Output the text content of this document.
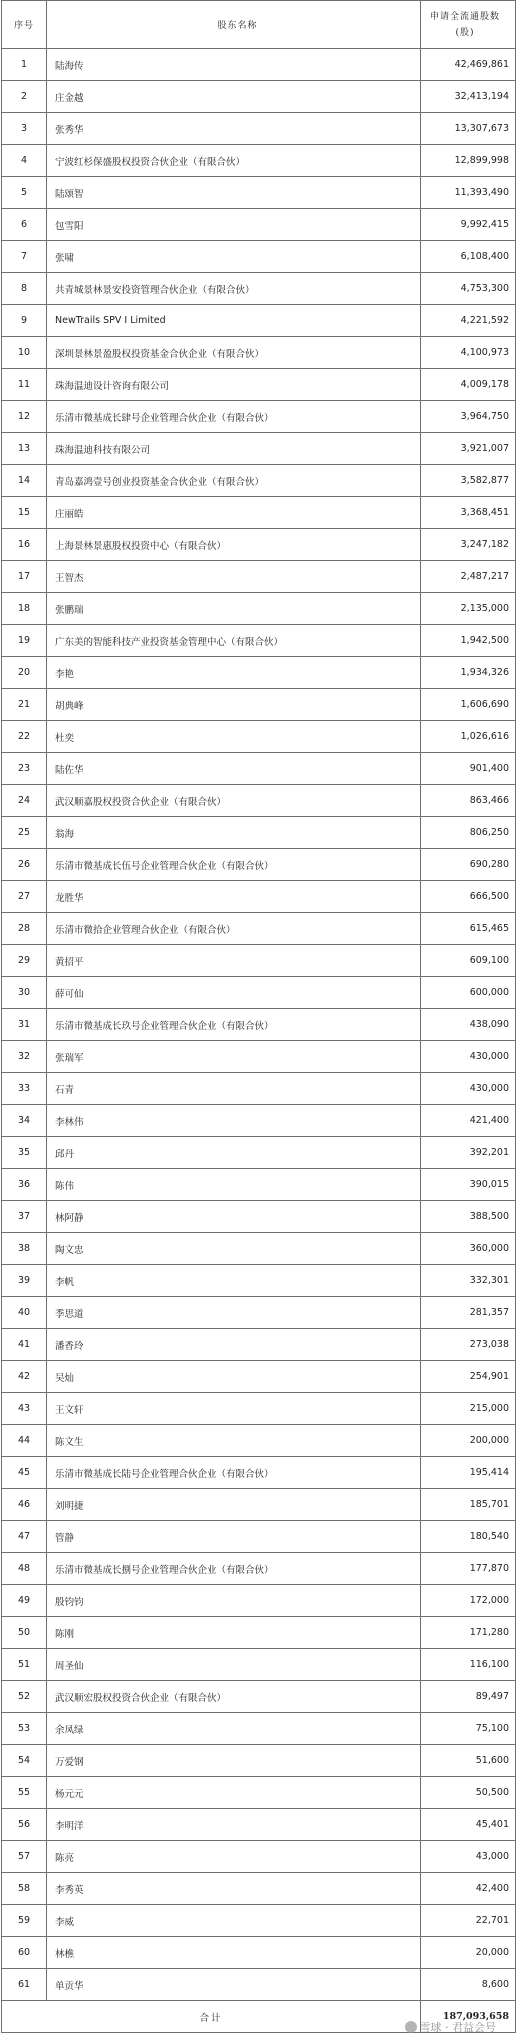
序号	股东名称	申请全流通股数
(股)
1	陆海传	42,469,861
2	庄金越	32,413,194
3	张秀华	13,307,673
4	宁波红杉保盛股权投资合伙企业（有限合伙）	12,899,998
5	陆颂智	11,393,490
6	包雪阳	9,992,415
7	张啸	6,108,400
8	共青城景林景安投资管理合伙企业（有限合伙）	4,753,300
9	NewTrails SPV I Limited	4,221,592
10	深圳景林景盈股权投资基金合伙企业（有限合伙）	4,100,973
11	珠海温迪设计咨询有限公司	4,009,178
12	乐清市微基成长肆号企业管理合伙企业（有限合伙）	3,964,750
13	珠海温迪科技有限公司	3,921,007
14	青岛嘉鸿壹号创业投资基金合伙企业（有限合伙）	3,582,877
15	庄丽皓	3,368,451
16	上海景林景惠股权投资中心（有限合伙）	3,247,182
17	王智杰	2,487,217
18	张鹏瑞	2,135,000
19	广东美的智能科技产业投资基金管理中心（有限合伙）	1,942,500
20	李艳	1,934,326
21	胡典峰	1,606,690
22	杜奕	1,026,616
23	陆佐华	901,400
24	武汉顺嘉股权投资合伙企业（有限合伙）	863,466
25	翁海	806,250
26	乐清市微基成长伍号企业管理合伙企业（有限合伙）	690,280
27	龙胜华	666,500
28	乐清市微拾企业管理合伙企业（有限合伙）	615,465
29	黄招平	609,100
30	薛可仙	600,000
31	乐清市微基成长玖号企业管理合伙企业（有限合伙）	438,090
32	张瑞军	430,000
33	石青	430,000
34	李林伟	421,400
35	邱丹	392,201
36	陈伟	390,015
37	林阿静	388,500
38	陶文忠	360,000
39	李帆	332,301
40	季思道	281,357
41	潘香玲	273,038
42	吴灿	254,901
43	王文轩	215,000
44	陈文生	200,000
45	乐清市微基成长陆号企业管理合伙企业（有限合伙）	195,414
46	刘明捷	185,701
47	管静	180,540
48	乐清市微基成长捌号企业管理合伙企业（有限合伙）	177,870
49	殷钧钧	172,000
50	陈刚	171,280
51	周圣仙	116,100
52	武汉顺宏股权投资合伙企业（有限合伙）	89,497
53	余凤绿	75,100
54	万爱钢	51,600
55	杨元元	50,500
56	李明洋	45,401
57	陈亮	43,000
58	李秀英	42,400
59	李威	22,701
60	林樵	20,000
61	单贡华	8,600
合计		187,093,658
雪球 · 君益会号
